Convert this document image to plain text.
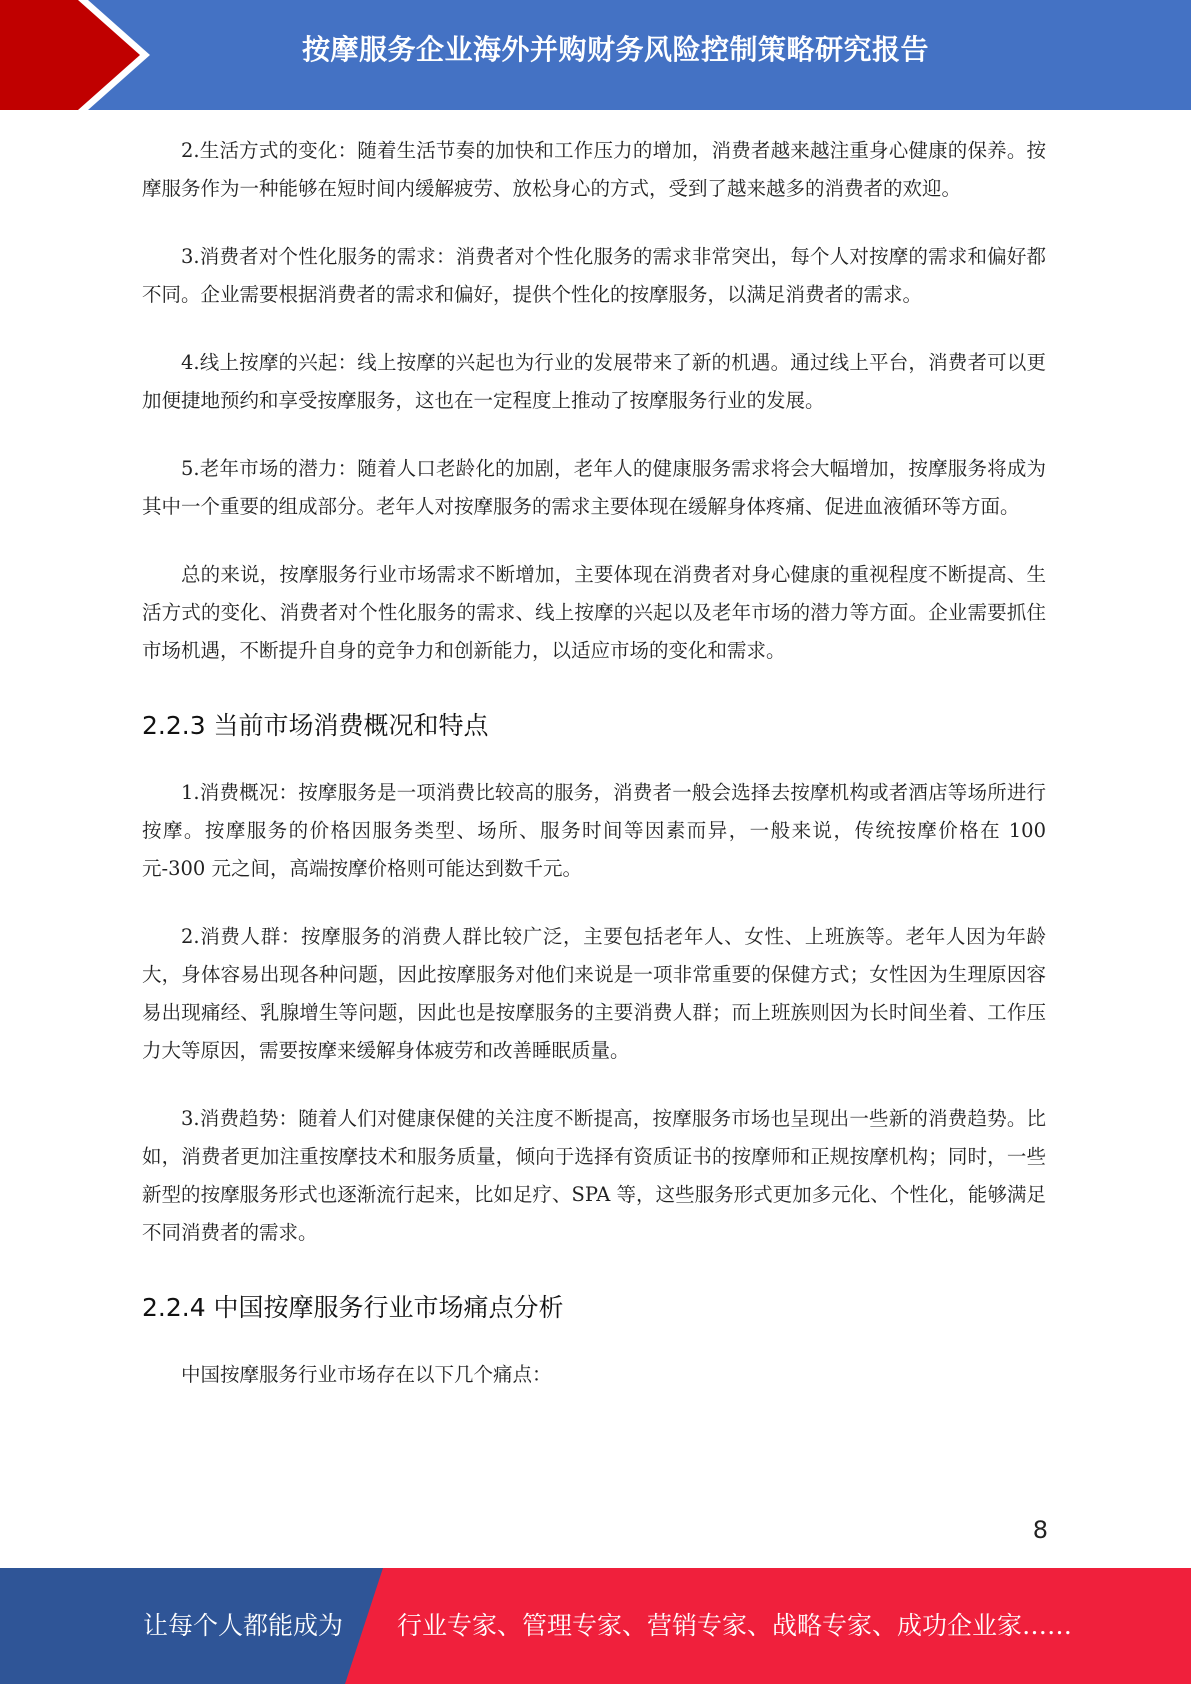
按摩服务企业海外并购财务风险控制策略研究报告

2.生活方式的变化：随着生活节奏的加快和工作压力的增加，消费者越来越注重身心健康的保养。按摩服务作为一种能够在短时间内缓解疲劳、放松身心的方式，受到了越来越多的消费者的欢迎。

3.消费者对个性化服务的需求：消费者对个性化服务的需求非常突出，每个人对按摩的需求和偏好都不同。企业需要根据消费者的需求和偏好，提供个性化的按摩服务，以满足消费者的需求。

4.线上按摩的兴起：线上按摩的兴起也为行业的发展带来了新的机遇。通过线上平台，消费者可以更加便捷地预约和享受按摩服务，这也在一定程度上推动了按摩服务行业的发展。

5.老年市场的潜力：随着人口老龄化的加剧，老年人的健康服务需求将会大幅增加，按摩服务将成为其中一个重要的组成部分。老年人对按摩服务的需求主要体现在缓解身体疼痛、促进血液循环等方面。

总的来说，按摩服务行业市场需求不断增加，主要体现在消费者对身心健康的重视程度不断提高、生活方式的变化、消费者对个性化服务的需求、线上按摩的兴起以及老年市场的潜力等方面。企业需要抓住市场机遇，不断提升自身的竞争力和创新能力，以适应市场的变化和需求。

2.2.3 当前市场消费概况和特点

1.消费概况：按摩服务是一项消费比较高的服务，消费者一般会选择去按摩机构或者酒店等场所进行按摩。按摩服务的价格因服务类型、场所、服务时间等因素而异，一般来说，传统按摩价格在 100 元-300 元之间，高端按摩价格则可能达到数千元。

2.消费人群：按摩服务的消费人群比较广泛，主要包括老年人、女性、上班族等。老年人因为年龄大，身体容易出现各种问题，因此按摩服务对他们来说是一项非常重要的保健方式；女性因为生理原因容易出现痛经、乳腺增生等问题，因此也是按摩服务的主要消费人群；而上班族则因为长时间坐着、工作压力大等原因，需要按摩来缓解身体疲劳和改善睡眠质量。

3.消费趋势：随着人们对健康保健的关注度不断提高，按摩服务市场也呈现出一些新的消费趋势。比如，消费者更加注重按摩技术和服务质量，倾向于选择有资质证书的按摩师和正规按摩机构；同时，一些新型的按摩服务形式也逐渐流行起来，比如足疗、SPA 等，这些服务形式更加多元化、个性化，能够满足不同消费者的需求。

2.2.4 中国按摩服务行业市场痛点分析

中国按摩服务行业市场存在以下几个痛点：

8
让每个人都能成为 行业专家、管理专家、营销专家、战略专家、成功企业家……
